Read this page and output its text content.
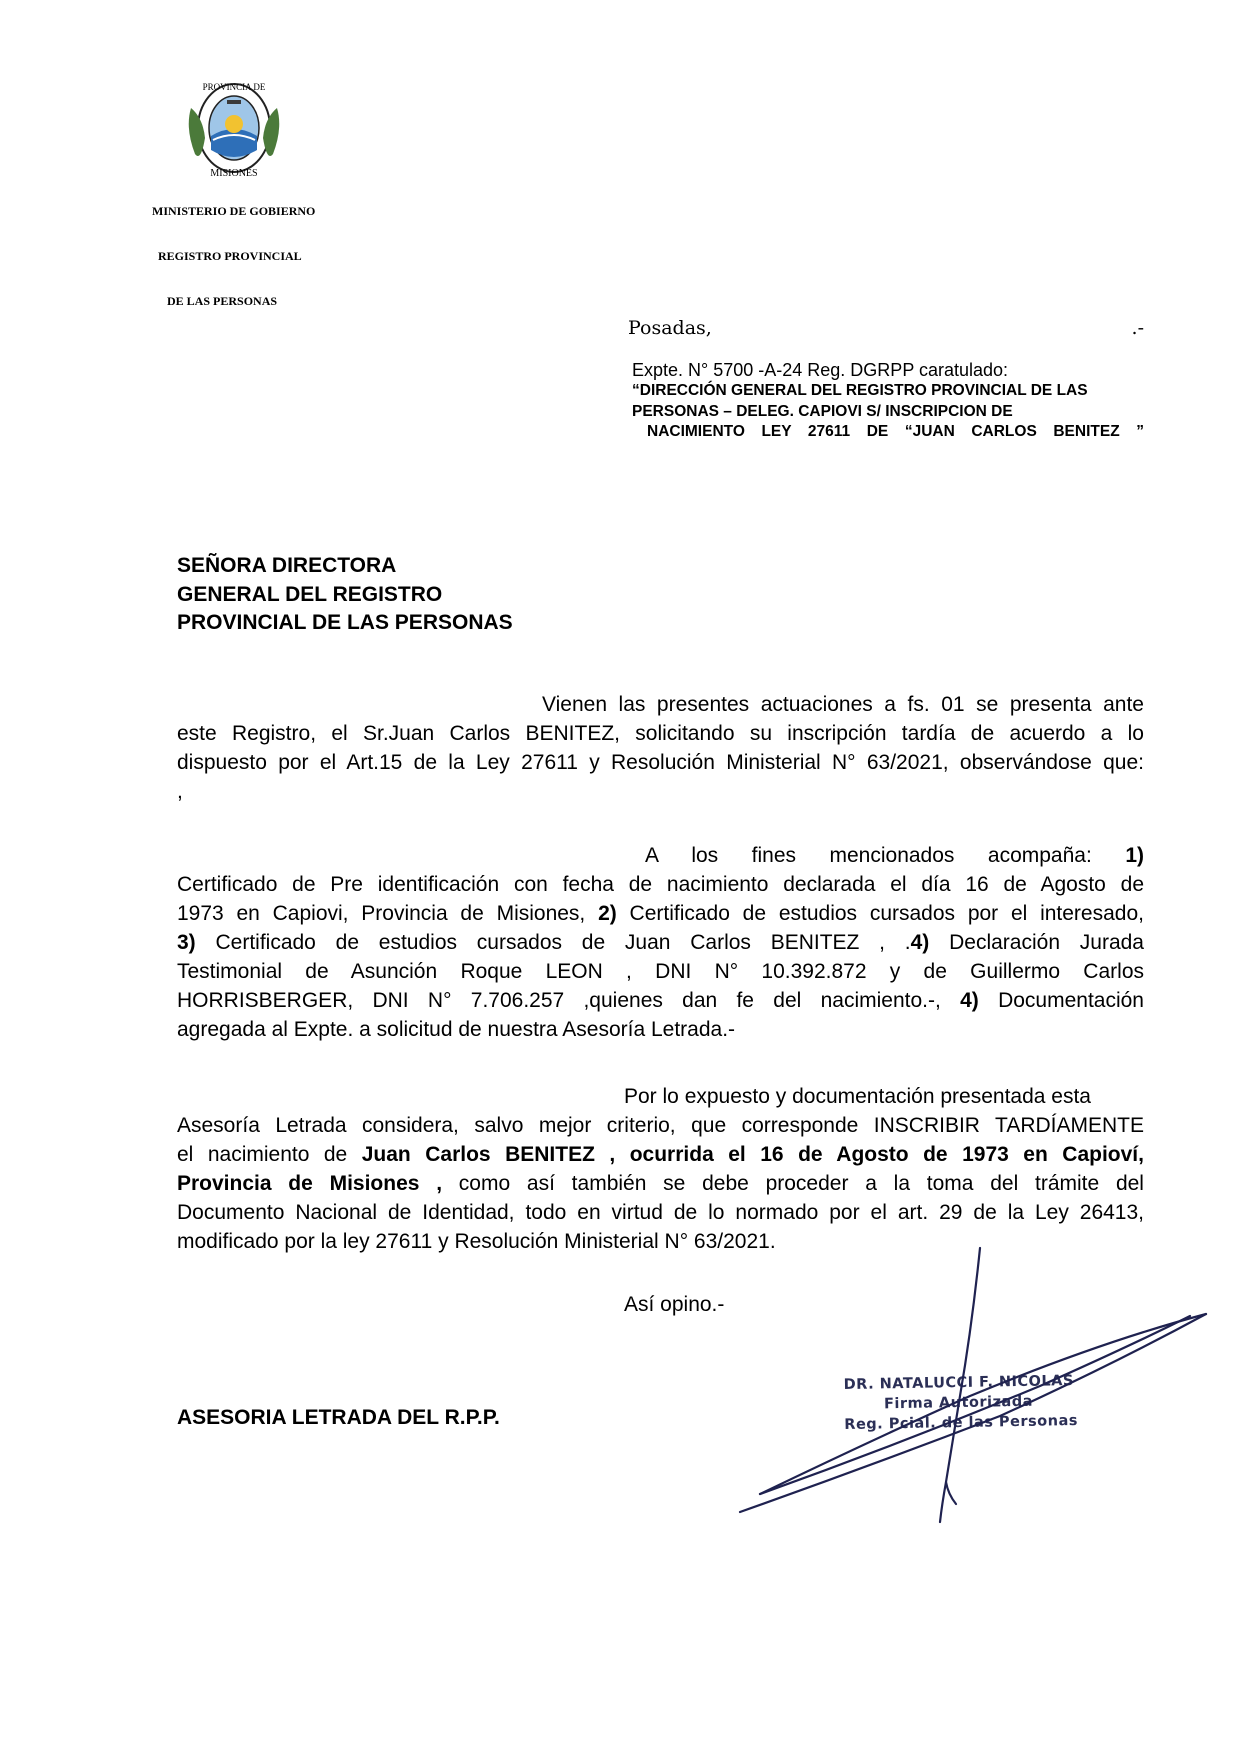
PROVINCIA DE
MISIONES

MINISTERIO DE GOBIERNO

REGISTRO PROVINCIAL

DE LAS PERSONAS

Posadas,	.-
Expte. N° 5700 -A-24 Reg. DGRPP caratulado:
“DIRECCIÓN GENERAL DEL REGISTRO PROVINCIAL DE LAS
PERSONAS – DELEG. CAPIOVI S/ INSCRIPCION DE
NACIMIENTO LEY 27611 DE “JUAN CARLOS BENITEZ ”
SEÑORA DIRECTORA
GENERAL DEL REGISTRO
PROVINCIAL DE LAS PERSONAS
Vienen las presentes actuaciones a fs. 01 se presenta ante
este Registro, el Sr.Juan Carlos BENITEZ, solicitando su inscripción tardía de acuerdo a lo
dispuesto por el Art.15 de la Ley 27611 y Resolución Ministerial N° 63/2021, observándose que:
,
A los fines mencionados acompaña: 1)
Certificado de Pre identificación con fecha de nacimiento declarada el día 16 de Agosto de
1973 en Capiovi, Provincia de Misiones, 2) Certificado de estudios cursados por el interesado,
3) Certificado de estudios cursados de Juan Carlos BENITEZ , .4) Declaración Jurada
Testimonial de Asunción Roque LEON , DNI N° 10.392.872 y de Guillermo Carlos
HORRISBERGER, DNI N° 7.706.257 ,quienes dan fe del nacimiento.-, 4) Documentación
agregada al Expte. a solicitud de nuestra Asesoría Letrada.-
Por lo expuesto y documentación presentada esta
Asesoría Letrada considera, salvo mejor criterio, que corresponde INSCRIBIR TARDÍAMENTE
el nacimiento de Juan Carlos BENITEZ , ocurrida el 16 de Agosto de 1973 en Capioví,
Provincia de Misiones , como así también se debe proceder a la toma del trámite del
Documento Nacional de Identidad, todo en virtud de lo normado por el art. 29 de la Ley 26413,
modificado por la ley 27611 y Resolución Ministerial N° 63/2021.
Así opino.-
ASESORIA LETRADA DEL R.P.P.
DR. NATALUCCI F. NICOLAS
Firma Autorizada
Reg. Pcial. de las Personas
